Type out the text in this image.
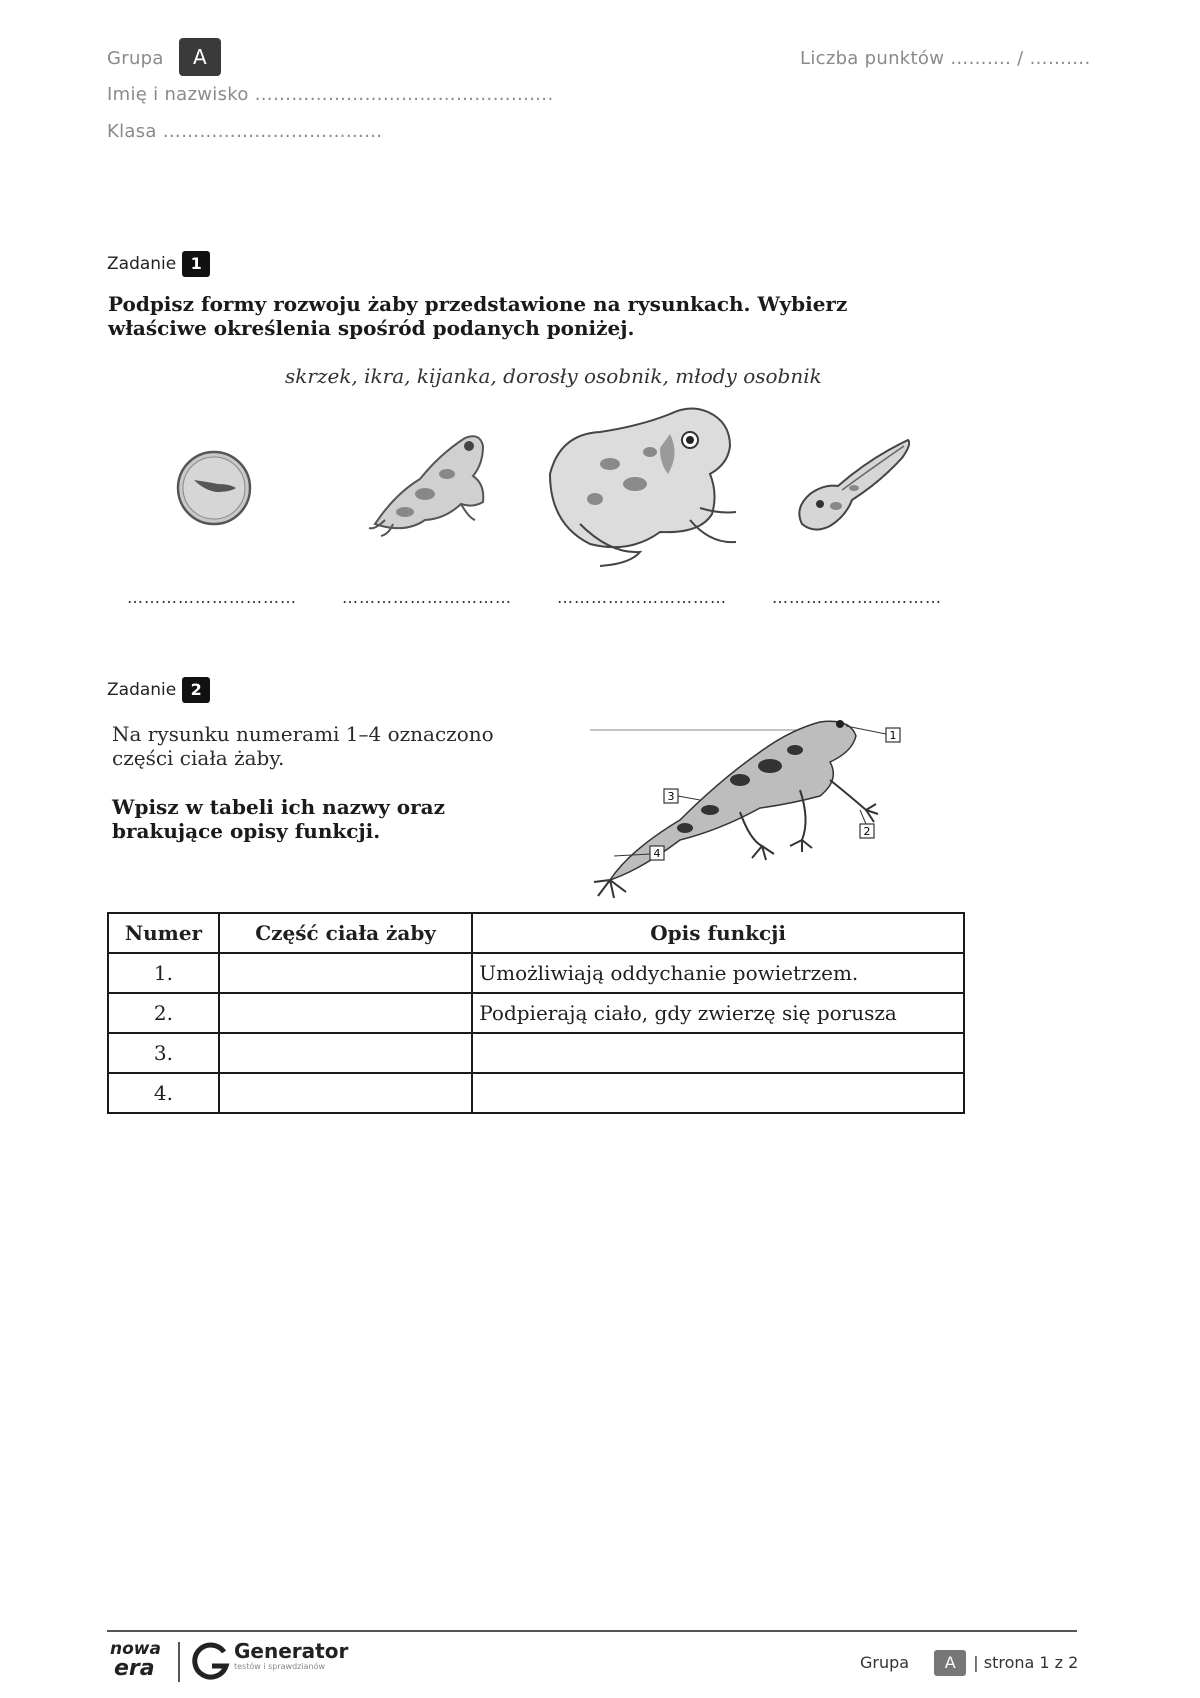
Grupa A	Liczba punktów ………. / ……….
Imię i nazwisko ………………………………………….
Klasa ………………………………
Zadanie 1
Podpisz formy rozwoju żaby przedstawione na rysunkach. Wybierz właściwe określenia spośród podanych poniżej.
skrzek, ikra, kijanka, dorosły osobnik, młody osobnik
…………………………	…………………………	…………………………	…………………………
Zadanie 2
Na rysunku numerami 1–4 oznaczono części ciała żaby.
Wpisz w tabeli ich nazwy oraz brakujące opisy funkcji.
1
2
3
4
Numer	Część ciała żaby	Opis funkcji
1.		Umożliwiają oddychanie powietrzem.
2.		Podpierają ciało, gdy zwierzę się porusza
3.		
4.		
nowa
era
Generator
testów i sprawdzianów	Grupa A | strona 1 z 2
